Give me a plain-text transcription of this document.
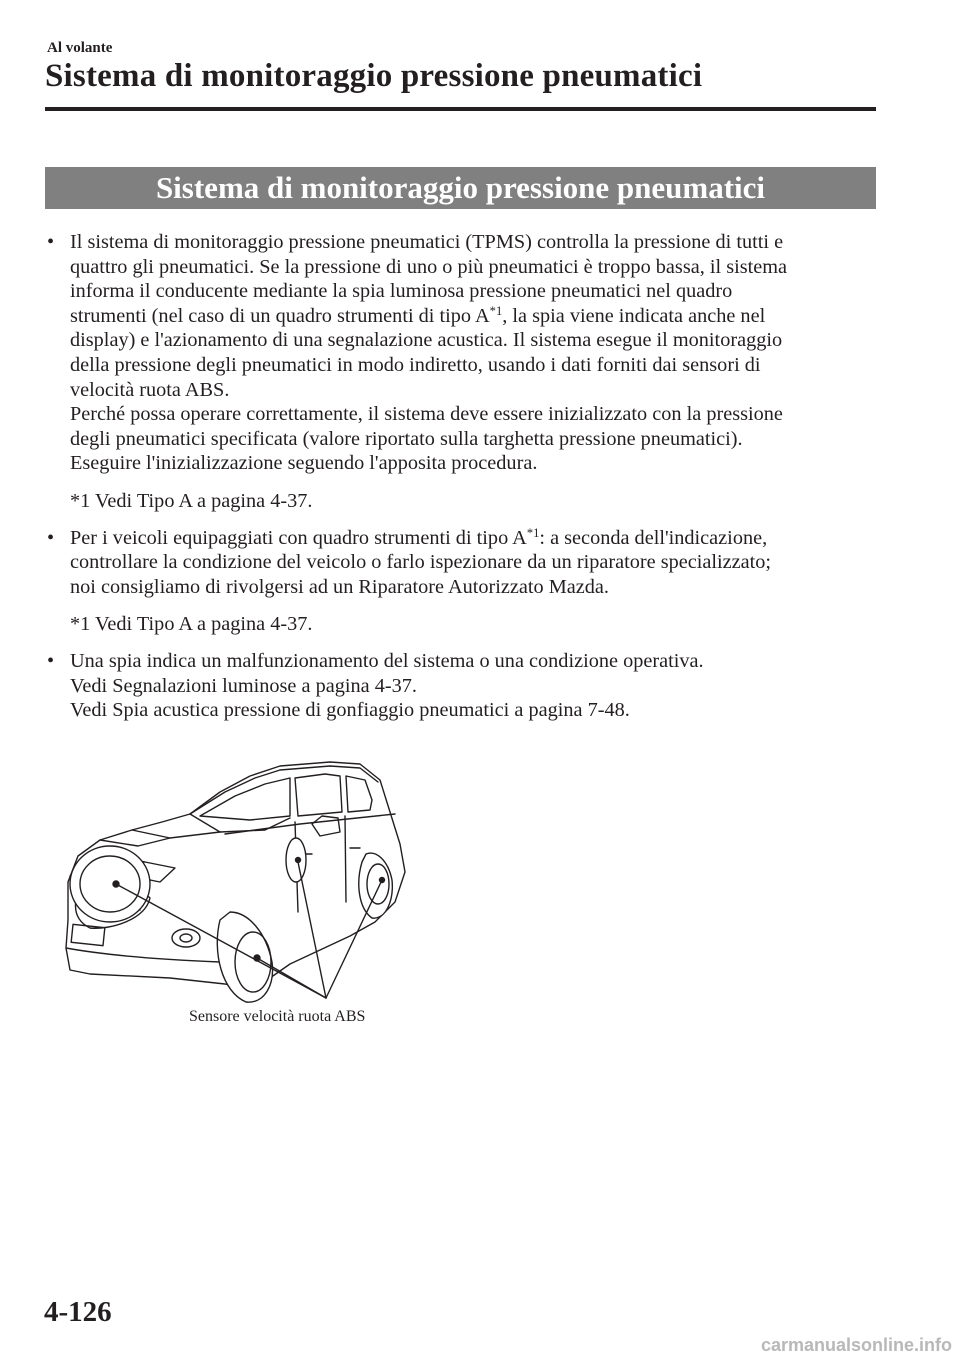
Al volante
Sistema di monitoraggio pressione pneumatici
Sistema di monitoraggio pressione pneumatici
• Il sistema di monitoraggio pressione pneumatici (TPMS) controlla la pressione di tutti e
quattro gli pneumatici. Se la pressione di uno o più pneumatici è troppo bassa, il sistema
informa il conducente mediante la spia luminosa pressione pneumatici nel quadro
strumenti (nel caso di un quadro strumenti di tipo $A^{*1}$, la spia viene indicata anche nel
display) e l'azionamento di una segnalazione acustica. Il sistema esegue il monitoraggio
della pressione degli pneumatici in modo indiretto, usando i dati forniti dai sensori di
velocità ruota ABS.
Perché possa operare correttamente, il sistema deve essere inizializzato con la pressione
degli pneumatici specificata (valore riportato sulla targhetta pressione pneumatici).
Eseguire l'inizializzazione seguendo l'apposita procedura.
*1 Vedi Tipo A a pagina 4-37.
• Per i veicoli equipaggiati con quadro strumenti di tipo $A^{*1}$: a seconda dell'indicazione,
controllare la condizione del veicolo o farlo ispezionare da un riparatore specializzato;
noi consigliamo di rivolgersi ad un Riparatore Autorizzato Mazda.
*1 Vedi Tipo A a pagina 4-37.
• Una spia indica un malfunzionamento del sistema o una condizione operativa.
Vedi Segnalazioni luminose a pagina 4-37.
Vedi Spia acustica pressione di gonfiaggio pneumatici a pagina 7-48.
Sensore velocità ruota ABS
4-126
carmanualsonline.info
